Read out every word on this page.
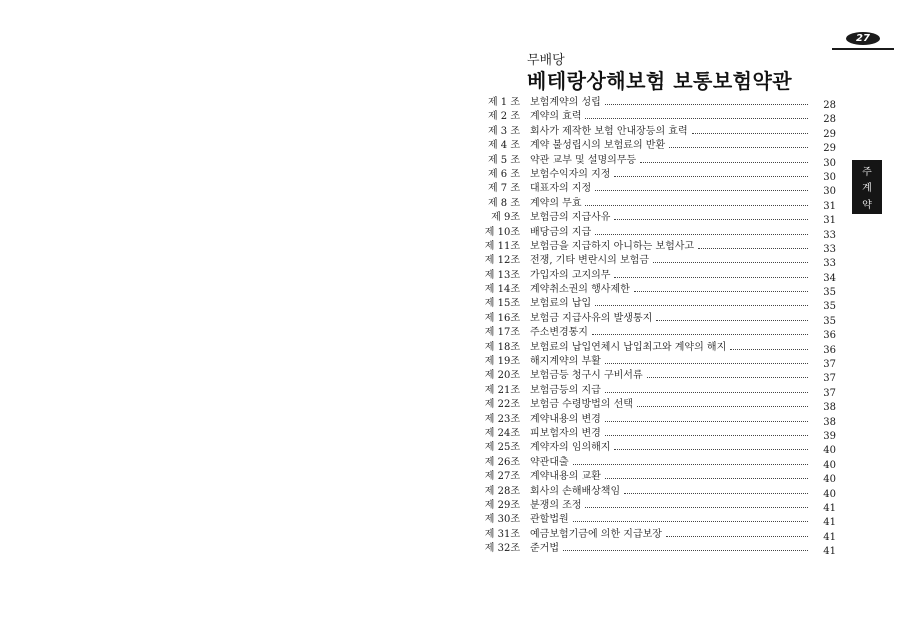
27
주
계
약
무배당
베테랑상해보험 보통보험약관
제 1 조 보험계약의 성립	28
제 2 조 계약의 효력	28
제 3 조 회사가 제작한 보험 안내장등의 효력	29
제 4 조 계약 불성립시의 보험료의 반환	29
제 5 조 약관 교부 및 설명의무등	30
제 6 조 보험수익자의 지정	30
제 7 조 대표자의 지정	30
제 8 조 계약의 무효	31
제 9조 보험금의 지급사유	31
제 10조 배당금의 지급	33
제 11조 보험금을 지급하지 아니하는 보험사고	33
제 12조 전쟁, 기타 변란시의 보험금	33
제 13조 가입자의 고지의무	34
제 14조 계약취소권의 행사제한	35
제 15조 보험료의 납입	35
제 16조 보험금 지급사유의 발생통지	35
제 17조 주소변경통지	36
제 18조 보험료의 납입연체시 납입최고와 계약의 해지	36
제 19조 해지계약의 부활	37
제 20조 보험금등 청구시 구비서류	37
제 21조 보험금등의 지급	37
제 22조 보험금 수령방법의 선택	38
제 23조 계약내용의 변경	38
제 24조 피보험자의 변경	39
제 25조 계약자의 임의해지	40
제 26조 약관대출	40
제 27조 계약내용의 교환	40
제 28조 회사의 손해배상책임	40
제 29조 분쟁의 조정	41
제 30조 관할법원	41
제 31조 예금보험기금에 의한 지급보장	41
제 32조 준거법	41
